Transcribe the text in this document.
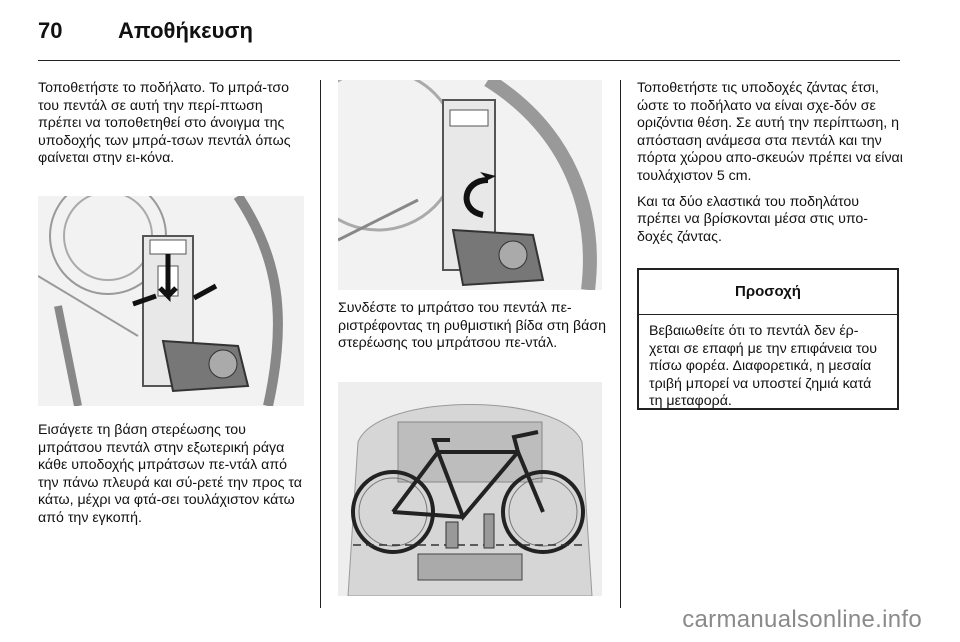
70	Αποθήκευση

Τοποθετήστε το ποδήλατο. Το μπρά-τσο του πεντάλ σε αυτή την περί-πτωση πρέπει να τοποθετηθεί στο άνοιγμα της υποδοχής των μπρά-τσων πεντάλ όπως φαίνεται στην ει-κόνα.

Εισάγετε τη βάση στερέωσης του μπράτσου πεντάλ στην εξωτερική ράγα κάθε υποδοχής μπράτσων πε-ντάλ από την πάνω πλευρά και σύ-ρετέ την προς τα κάτω, μέχρι να φτά-σει τουλάχιστον κάτω από την εγκοπή.

Συνδέστε το μπράτσο του πεντάλ πε-ριστρέφοντας τη ρυθμιστική βίδα στη βάση στερέωσης του μπράτσου πε-ντάλ.

Τοποθετήστε τις υποδοχές ζάντας έτσι, ώστε το ποδήλατο να είναι σχε-δόν σε οριζόντια θέση. Σε αυτή την περίπτωση, η απόσταση ανάμεσα στα πεντάλ και την πόρτα χώρου απο-σκευών πρέπει να είναι τουλάχιστον 5 cm.

Και τα δύο ελαστικά του ποδηλάτου πρέπει να βρίσκονται μέσα στις υπο-δοχές ζάντας.

Προσοχή
Βεβαιωθείτε ότι το πεντάλ δεν έρ-χεται σε επαφή με την επιφάνεια του πίσω φορέα. Διαφορετικά, η μεσαία τριβή μπορεί να υποστεί ζημιά κατά τη μεταφορά.
carmanualsonline.info
